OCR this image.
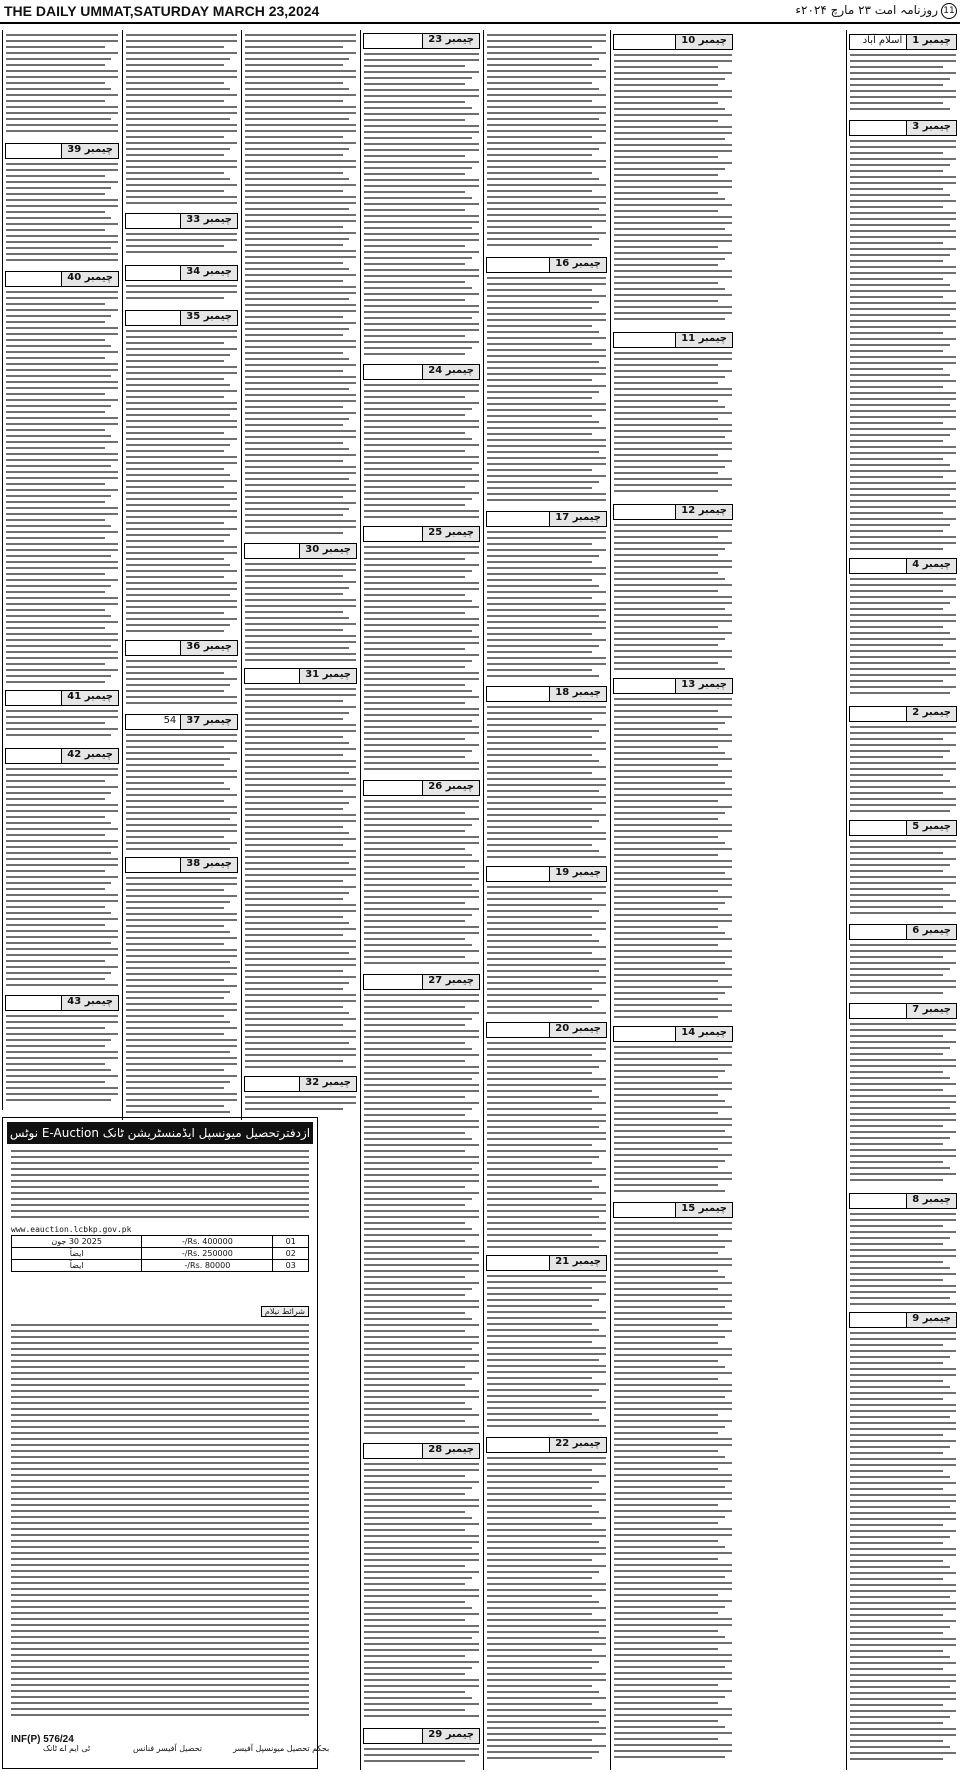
THE DAILY UMMAT,SATURDAY MARCH 23,2024	روزنامہ امت ۲۳ مارچ ۲۰۲۴ء 11
چیمبر 1
اسلام آباد
چیمبر 2
چیمبر 3
چیمبر 4
چیمبر 5
چیمبر 6
چیمبر 7
چیمبر 8
چیمبر 9
چیمبر 10
چیمبر 11
چیمبر 12
چیمبر 13
چیمبر 14
چیمبر 15
چیمبر 16
چیمبر 17
چیمبر 18
چیمبر 19
چیمبر 20
چیمبر 21
چیمبر 22
چیمبر 23
چیمبر 24
چیمبر 25
چیمبر 26
چیمبر 27
چیمبر 28
چیمبر 29
چیمبر 30
چیمبر 31
چیمبر 32
چیمبر 33
چیمبر 34
چیمبر 35
چیمبر 36
چیمبر 37
54
چیمبر 38
چیمبر 39
چیمبر 40
چیمبر 41
چیمبر 42
چیمبر 43
ازدفترتحصیل میونسپل ایڈمنسٹریشن ٹانک E-Auction نوٹس
www.eauction.lcbkp.gov.pk
01	Rs. 400000/-	2025 30 جون
02	Rs. 250000/-	ایضاً
03	Rs. 80000/-	ایضاً
شرائط نیلام
INF(P) 576/24
بحکم تحصیل میونسپل آفیسر
تحصیل آفیسر فنانس
ٹی ایم اے ٹانک
